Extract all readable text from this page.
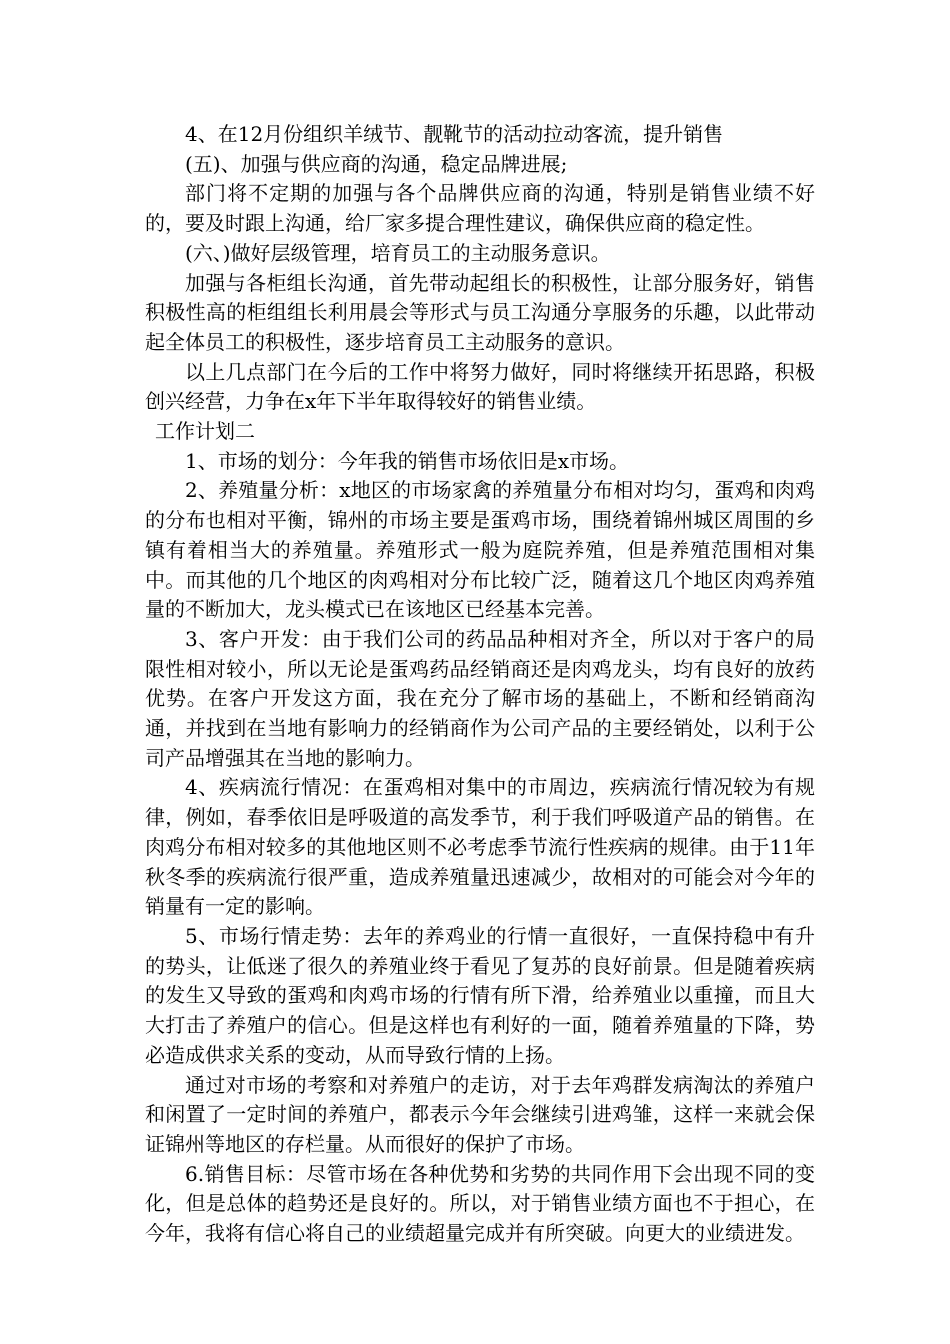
4、在12月份组织羊绒节、靓靴节的活动拉动客流，提升销售

(五)、加强与供应商的沟通，稳定品牌进展;

部门将不定期的加强与各个品牌供应商的沟通，特别是销售业绩不好的，要及时跟上沟通，给厂家多提合理性建议，确保供应商的稳定性。

(六、)做好层级管理，培育员工的主动服务意识。

加强与各柜组长沟通，首先带动起组长的积极性，让部分服务好，销售积极性高的柜组组长利用晨会等形式与员工沟通分享服务的乐趣，以此带动起全体员工的积极性，逐步培育员工主动服务的意识。

以上几点部门在今后的工作中将努力做好，同时将继续开拓思路，积极创兴经营，力争在x年下半年取得较好的销售业绩。

工作计划二

1、市场的划分：今年我的销售市场依旧是x市场。

2、养殖量分析：x地区的市场家禽的养殖量分布相对均匀，蛋鸡和肉鸡的分布也相对平衡，锦州的市场主要是蛋鸡市场，围绕着锦州城区周围的乡镇有着相当大的养殖量。养殖形式一般为庭院养殖，但是养殖范围相对集中。而其他的几个地区的肉鸡相对分布比较广泛，随着这几个地区肉鸡养殖量的不断加大，龙头模式已在该地区已经基本完善。

3、客户开发：由于我们公司的药品品种相对齐全，所以对于客户的局限性相对较小，所以无论是蛋鸡药品经销商还是肉鸡龙头，均有良好的放药优势。在客户开发这方面，我在充分了解市场的基础上，不断和经销商沟通，并找到在当地有影响力的经销商作为公司产品的主要经销处，以利于公司产品增强其在当地的影响力。

4、疾病流行情况：在蛋鸡相对集中的市周边，疾病流行情况较为有规律，例如，春季依旧是呼吸道的高发季节，利于我们呼吸道产品的销售。在肉鸡分布相对较多的其他地区则不必考虑季节流行性疾病的规律。由于11年秋冬季的疾病流行很严重，造成养殖量迅速减少，故相对的可能会对今年的销量有一定的影响。

5、市场行情走势：去年的养鸡业的行情一直很好，一直保持稳中有升的势头，让低迷了很久的养殖业终于看见了复苏的良好前景。但是随着疾病的发生又导致的蛋鸡和肉鸡市场的行情有所下滑，给养殖业以重撞，而且大大打击了养殖户的信心。但是这样也有利好的一面，随着养殖量的下降，势必造成供求关系的变动，从而导致行情的上扬。

通过对市场的考察和对养殖户的走访，对于去年鸡群发病淘汰的养殖户和闲置了一定时间的养殖户，都表示今年会继续引进鸡雏，这样一来就会保证锦州等地区的存栏量。从而很好的保护了市场。

6.销售目标：尽管市场在各种优势和劣势的共同作用下会出现不同的变化，但是总体的趋势还是良好的。所以，对于销售业绩方面也不于担心，在今年，我将有信心将自己的业绩超量完成并有所突破。向更大的业绩进发。
